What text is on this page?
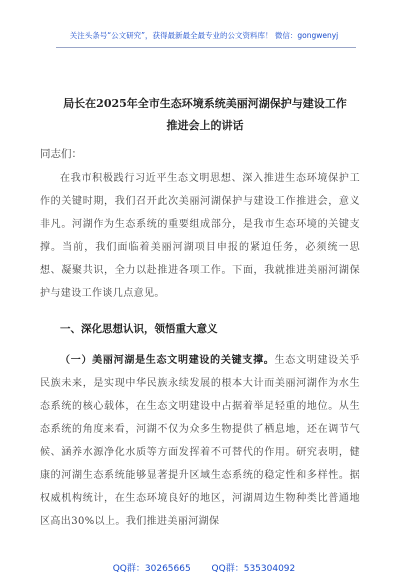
关注头条号“公文研究”，获得最新最全最专业的公文资料库！ 微信：gongwenyj
局长在2025年全市生态环境系统美丽河湖保护与建设工作
推进会上的讲话
同志们：
在我市积极践行习近平生态文明思想、深入推进生态环境保护工作的关键时期，我们召开此次美丽河湖保护与建设工作推进会，意义非凡。河湖作为生态系统的重要组成部分，是我市生态环境的关键支撑。当前，我们面临着美丽河湖项目申报的紧迫任务，必须统一思想、凝聚共识，全力以赴推进各项工作。下面，我就推进美丽河湖保护与建设工作谈几点意见。
一、深化思想认识，领悟重大意义
（一）美丽河湖是生态文明建设的关键支撑。生态文明建设关乎民族未来，是实现中华民族永续发展的根本大计而美丽河湖作为水生态系统的核心载体，在生态文明建设中占据着举足轻重的地位。从生态系统的角度来看，河湖不仅为众多生物提供了栖息地，还在调节气候、涵养水源净化水质等方面发挥着不可替代的作用。研究表明，健康的河湖生态系统能够显著提升区域生态系统的稳定性和多样性。据权威机构统计，在生态环境良好的地区，河湖周边生物种类比普通地区高出30%以上。我们推进美丽河湖保
QQ群：30265665 QQ群：535304092
